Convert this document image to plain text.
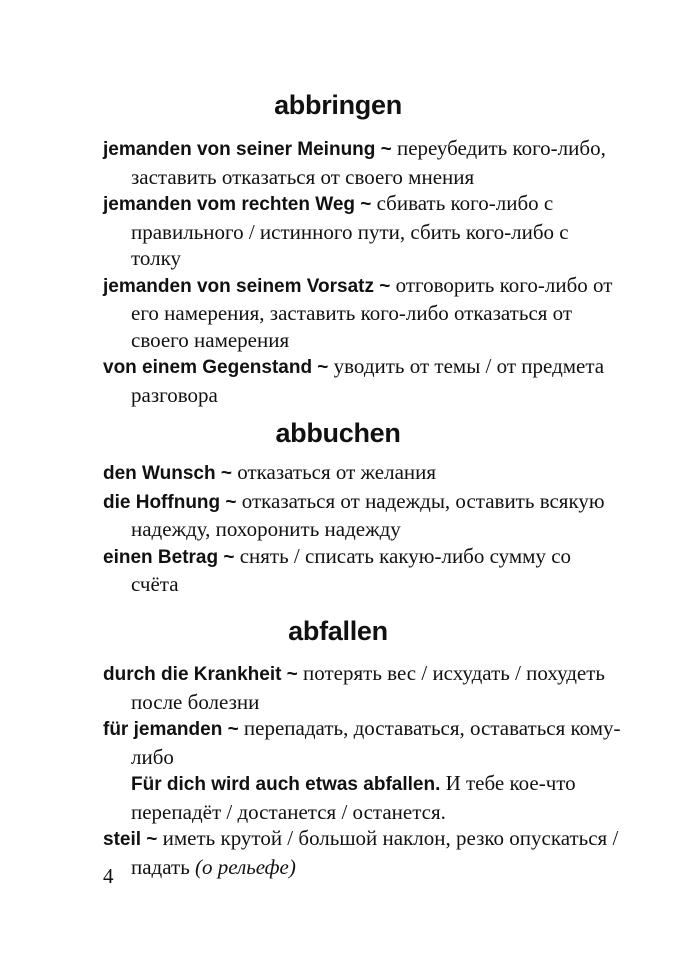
abbringen

jemanden von seiner Meinung ~ переубедить кого-либо, заставить отказаться от своего мнения

jemanden vom rechten Weg ~ сбивать кого-либо с правильного / истинного пути, сбить кого-либо с толку

jemanden von seinem Vorsatz ~ отговорить кого-либо от его намерения, заставить кого-либо отказаться от своего намерения

von einem Gegenstand ~ уводить от темы / от предмета разговора

abbuchen

den Wunsch ~ отказаться от желания

die Hoffnung ~ отказаться от надежды, оставить всякую надежду, похоронить надежду

einen Betrag ~ снять / списать какую-либо сумму со счёта

abfallen

durch die Krankheit ~ потерять вес / исхудать / похудеть после болезни

für jemanden ~ перепадать, доставаться, оставаться кому-либо

Für dich wird auch etwas abfallen. И тебе кое-что перепадёт / достанется / останется.

steil ~ иметь крутой / большой наклон, резко опускаться / падать (о рельефе)

4
